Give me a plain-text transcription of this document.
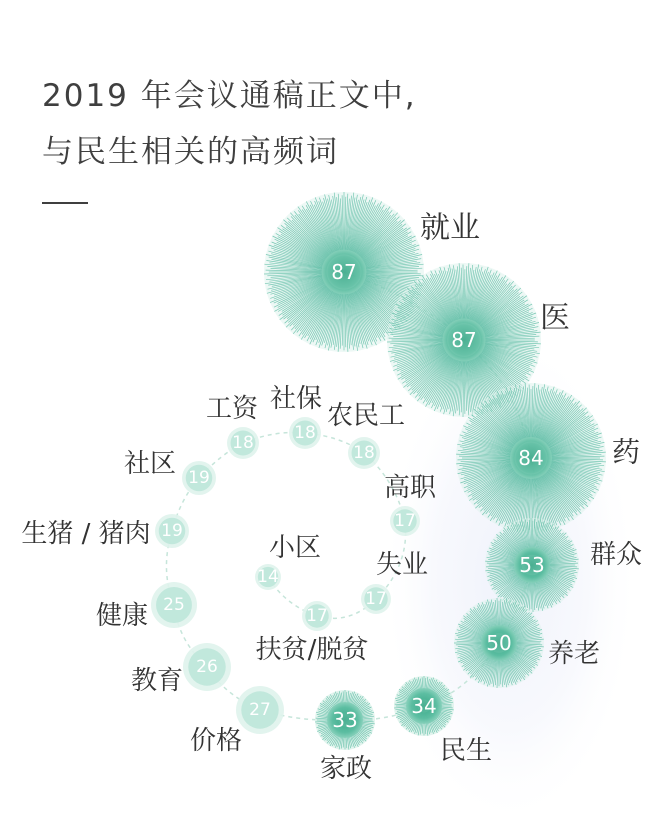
2019 年会议通稿正文中,
与民生相关的高频词
87
就业
87
医
84 药
53 群众
50 养老
34
民生
33
家政
27
价格
26
教育
25
健康
19
生猪 / 猪肉
19
社区
18
工资
18
社保
18
农民工
17
高职
17
失业
17
扶贫/脱贫
14
小区
